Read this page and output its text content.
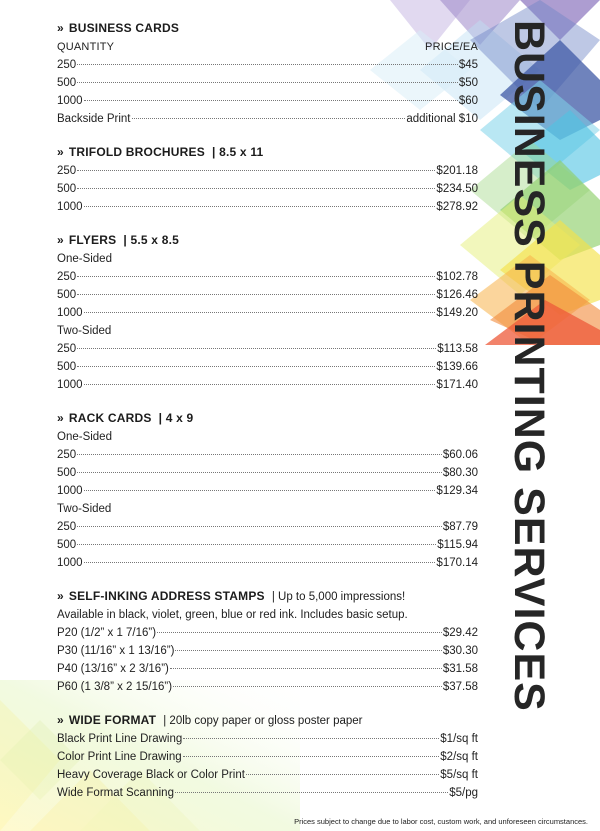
BUSINESS PRINTING SERVICES
» BUSINESS CARDS
QUANTITY	PRICE/EA
250	$45
500	$50
1000	$60
Backside Print	additional $10
» TRIFOLD BROCHURES | 8.5 x 11
250	$201.18
500	$234.50
1000	$278.92
» FLYERS | 5.5 x 8.5
One-Sided
250	$102.78
500	$126.46
1000	$149.20
Two-Sided
250	$113.58
500	$139.66
1000	$171.40
» RACK CARDS | 4 x 9
One-Sided
250	$60.06
500	$80.30
1000	$129.34
Two-Sided
250	$87.79
500	$115.94
1000	$170.14
» SELF-INKING ADDRESS STAMPS | Up to 5,000 impressions!
Available in black, violet, green, blue or red ink. Includes basic setup.
P20 (1/2” x 1 7/16”)	$29.42
P30 (11/16” x 1 13/16”)	$30.30
P40 (13/16” x 2 3/16”)	$31.58
P60 (1 3/8” x 2 15/16”)	$37.58
» WIDE FORMAT | 20lb copy paper or gloss poster paper
Black Print Line Drawing	$1/sq ft
Color Print Line Drawing	$2/sq ft
Heavy Coverage Black or Color Print	$5/sq ft
Wide Format Scanning	$5/pg
Prices subject to change due to labor cost, custom work, and unforeseen circumstances.
